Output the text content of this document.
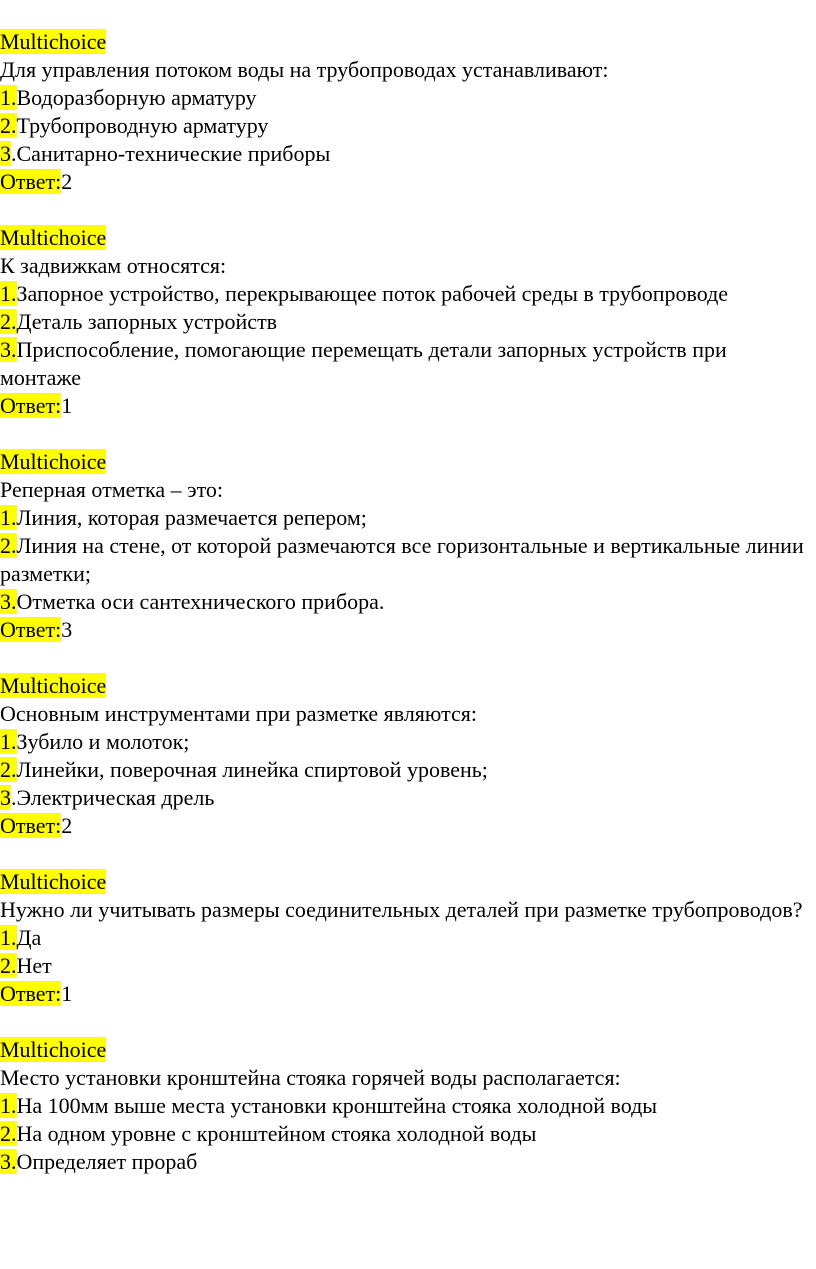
Multichoice
Для управления потоком воды на трубопроводах устанавливают:
1.Водоразборную арматуру
2.Трубопроводную арматуру
3.Санитарно-технические приборы
Ответ:2
Multichoice
К задвижкам относятся:
1.Запорное устройство, перекрывающее поток рабочей среды в трубопроводе
2.Деталь запорных устройств
3.Приспособление, помогающие перемещать детали запорных устройств при монтаже
Ответ:1
Multichoice
Реперная отметка – это:
1.Линия, которая размечается репером;
2.Линия на стене, от которой размечаются все горизонтальные и вертикальные линии разметки;
3.Отметка оси сантехнического прибора.
Ответ:3
Multichoice
Основным инструментами при разметке являются:
1.Зубило и молоток;
2.Линейки, поверочная линейка спиртовой уровень;
3.Электрическая дрель
Ответ:2
Multichoice
Нужно ли учитывать размеры соединительных деталей при разметке трубопроводов?
1.Да
2.Нет
Ответ:1
Multichoice
Место установки кронштейна стояка горячей воды располагается:
1.На 100мм выше места установки кронштейна стояка холодной воды
2.На одном уровне с кронштейном стояка холодной воды
3.Определяет прораб
